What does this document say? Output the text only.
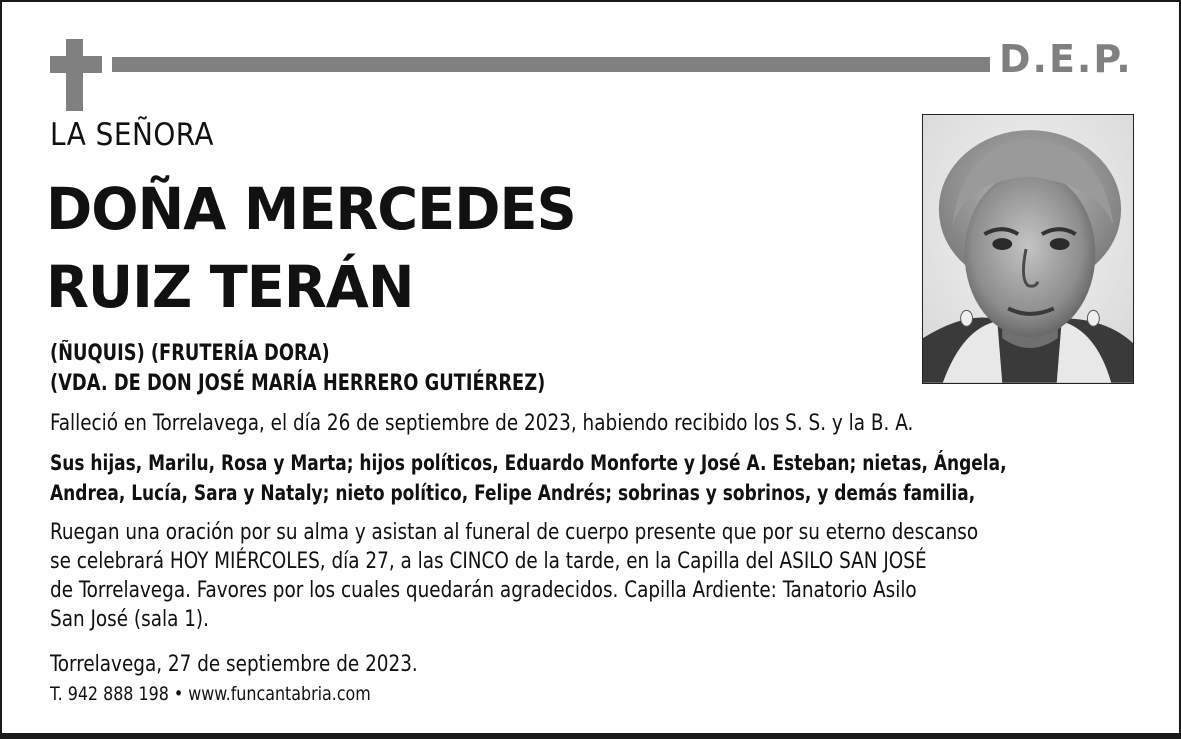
D.E.P.
LA SEÑORA
DOÑA MERCEDES
RUIZ TERÁN
(ÑUQUIS) (FRUTERÍA DORA)
(VDA. DE DON JOSÉ MARÍA HERRERO GUTIÉRREZ)
Falleció en Torrelavega, el día 26 de septiembre de 2023, habiendo recibido los S. S. y la B. A.
Sus hijas, Marilu, Rosa y Marta; hijos políticos, Eduardo Monforte y José A. Esteban; nietas, Ángela,
Andrea, Lucía, Sara y Nataly; nieto político, Felipe Andrés; sobrinas y sobrinos, y demás familia,
Ruegan una oración por su alma y asistan al funeral de cuerpo presente que por su eterno descanso
se celebrará HOY MIÉRCOLES, día 27, a las CINCO de la tarde, en la Capilla del ASILO SAN JOSÉ
de Torrelavega. Favores por los cuales quedarán agradecidos. Capilla Ardiente: Tanatorio Asilo
San José (sala 1).
Torrelavega, 27 de septiembre de 2023.
T. 942 888 198 • www.funcantabria.com
